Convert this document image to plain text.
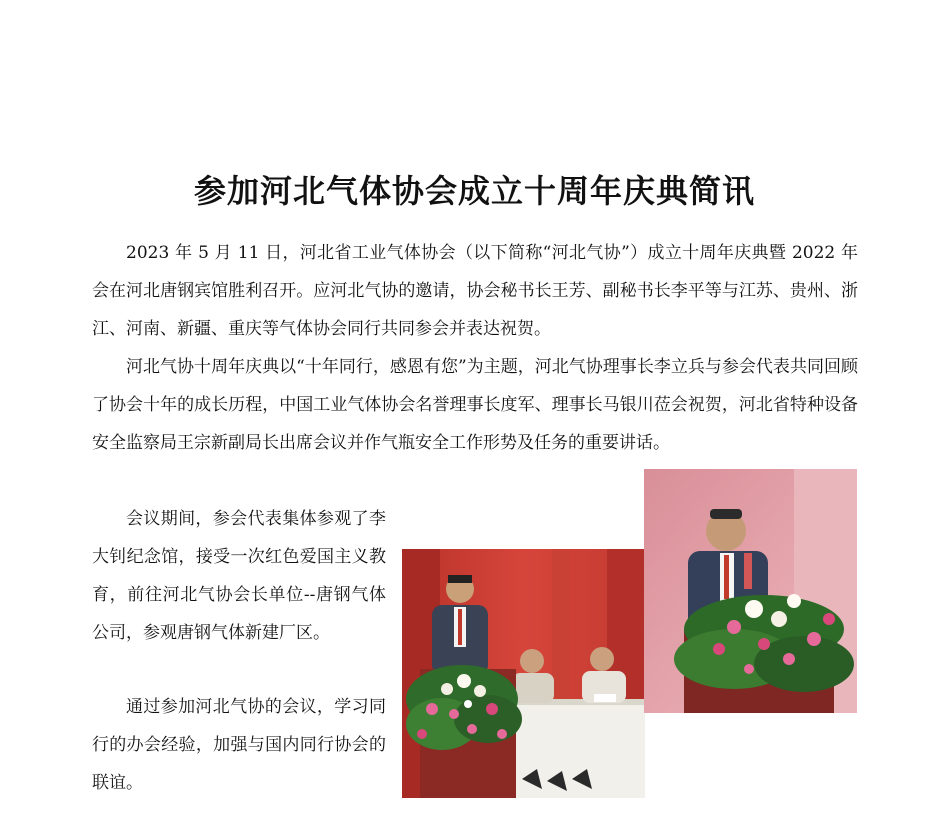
参加河北气体协会成立十周年庆典简讯

2023 年 5 月 11 日，河北省工业气体协会（以下简称“河北气协”）成立十周年庆典暨 2022 年会在河北唐钢宾馆胜利召开。应河北气协的邀请，协会秘书长王芳、副秘书长李平等与江苏、贵州、浙江、河南、新疆、重庆等气体协会同行共同参会并表达祝贺。

河北气协十周年庆典以“十年同行，感恩有您”为主题，河北气协理事长李立兵与参会代表共同回顾了协会十年的成长历程，中国工业气体协会名誉理事长度军、理事长马银川莅会祝贺，河北省特种设备安全监察局王宗新副局长出席会议并作气瓶安全工作形势及任务的重要讲话。

会议期间，参会代表集体参观了李大钊纪念馆，接受一次红色爱国主义教育，前往河北气协会长单位--唐钢气体公司，参观唐钢气体新建厂区。

通过参加河北气协的会议，学习同行的办会经验，加强与国内同行协会的联谊。
